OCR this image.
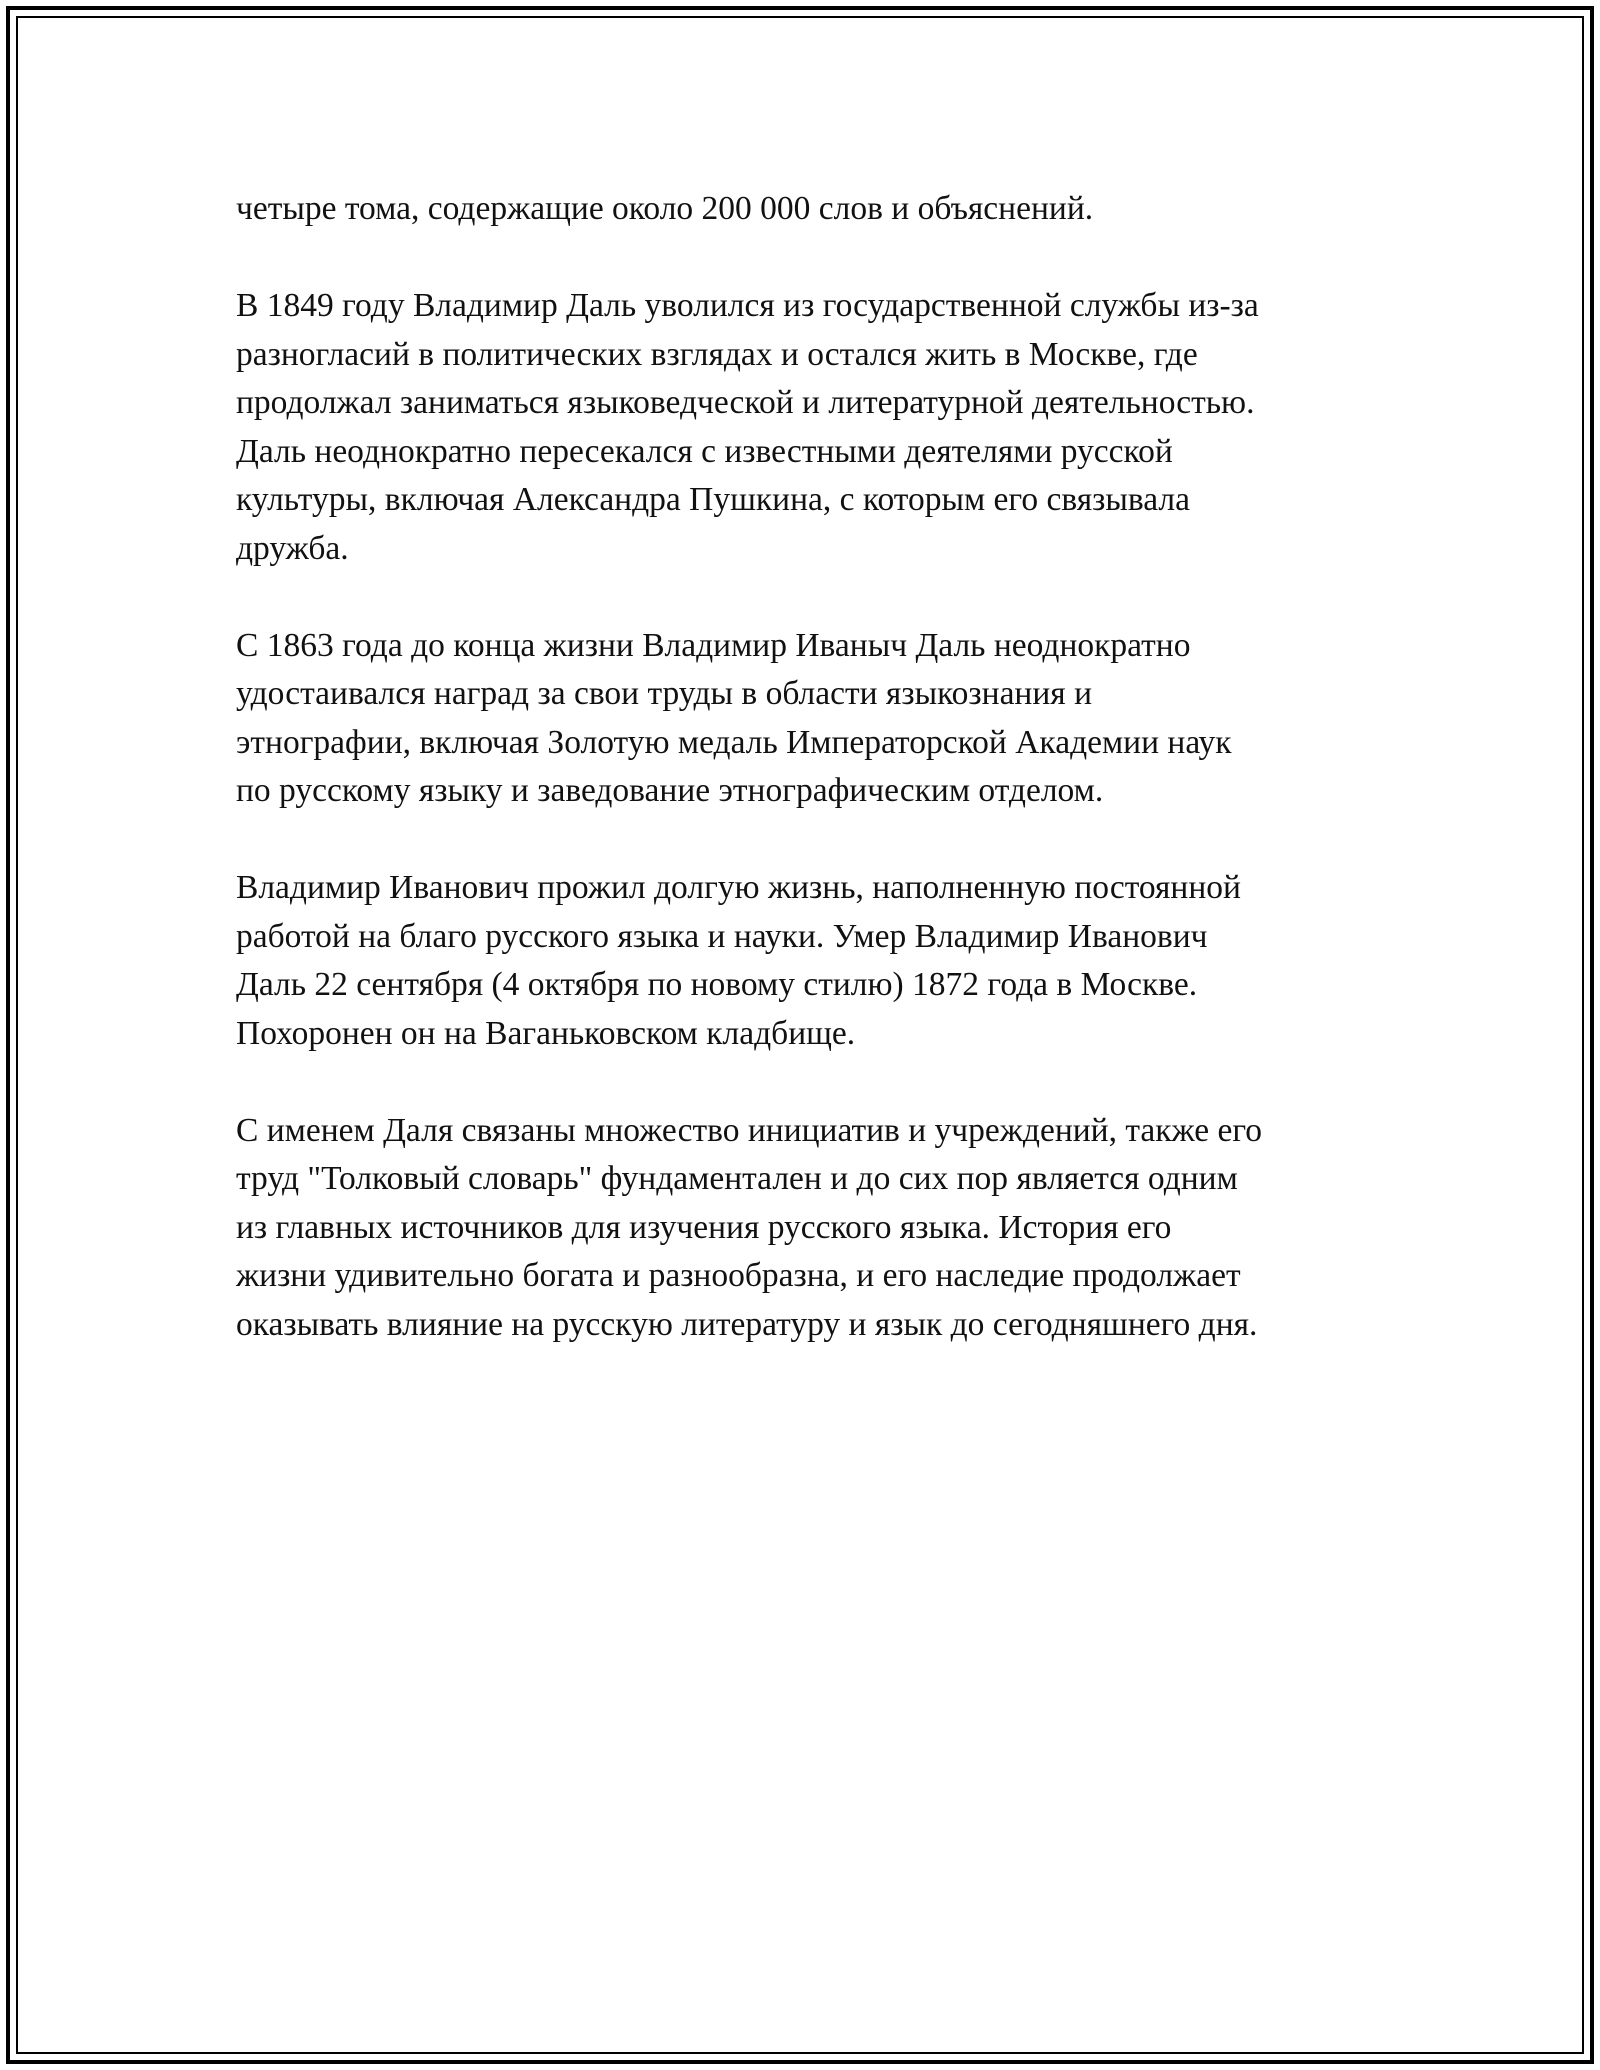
четыре тома, содержащие около 200 000 слов и объяснений.

В 1849 году Владимир Даль уволился из государственной службы из-за
разногласий в политических взглядах и остался жить в Москве, где
продолжал заниматься языковедческой и литературной деятельностью.
Даль неоднократно пересекался с известными деятелями русской
культуры, включая Александра Пушкина, с которым его связывала
дружба.

С 1863 года до конца жизни Владимир Иваныч Даль неоднократно
удостаивался наград за свои труды в области языкознания и
этнографии, включая Золотую медаль Императорской Академии наук
по русскому языку и заведование этнографическим отделом.

Владимир Иванович прожил долгую жизнь, наполненную постоянной
работой на благо русского языка и науки. Умер Владимир Иванович
Даль 22 сентября (4 октября по новому стилю) 1872 года в Москве.
Похоронен он на Ваганьковском кладбище.

С именем Даля связаны множество инициатив и учреждений, также его
труд "Толковый словарь" фундаментален и до сих пор является одним
из главных источников для изучения русского языка. История его
жизни удивительно богата и разнообразна, и его наследие продолжает
оказывать влияние на русскую литературу и язык до сегодняшнего дня.
